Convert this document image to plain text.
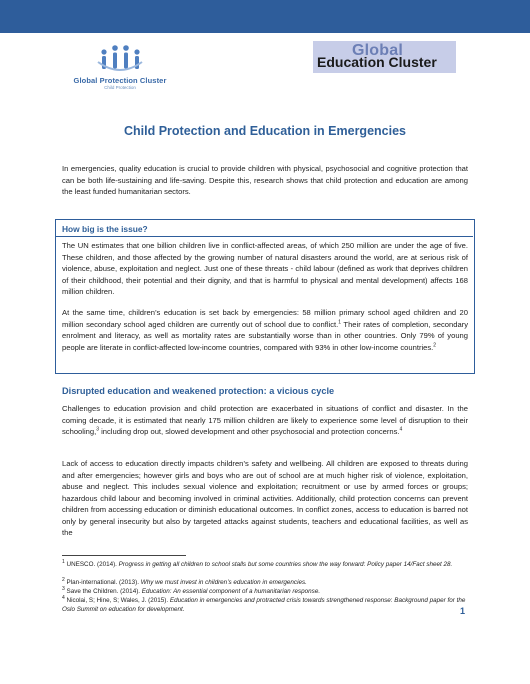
Global Protection Cluster
Child Protection
Global
Education Cluster
Child Protection and Education in Emergencies

In emergencies, quality education is crucial to provide children with physical, psychosocial and cognitive protection that can be both life-sustaining and life-saving. Despite this, research shows that child protection and education are among the least funded humanitarian sectors.

How big is the issue?

The UN estimates that one billion children live in conflict-affected areas, of which 250 million are under the age of five. These children, and those affected by the growing number of natural disasters around the world, are at serious risk of violence, abuse, exploitation and neglect. Just one of these threats - child labour (defined as work that deprives children of their childhood, their potential and their dignity, and that is harmful to physical and mental development) affects 168 million children.

At the same time, children’s education is set back by emergencies: 58 million primary school aged children and 20 million secondary school aged children are currently out of school due to conflict.$^1$ Their rates of completion, secondary enrolment and literacy, as well as mortality rates are substantially worse than in other countries. Only 79% of young people are literate in conflict-affected low-income countries, compared with 93% in other low-income countries.$^2$

Disrupted education and weakened protection: a vicious cycle

Challenges to education provision and child protection are exacerbated in situations of conflict and disaster. In the coming decade, it is estimated that nearly 175 million children are likely to experience some level of disruption to their schooling,$^3$ including drop out, slowed development and other psychosocial and protection concerns.$^4$

Lack of access to education directly impacts children’s safety and wellbeing. All children are exposed to threats during and after emergencies; however girls and boys who are out of school are at much higher risk of violence, exploitation, abuse and neglect. This includes sexual violence and exploitation; recruitment or use by armed forces or groups; hazardous child labour and becoming involved in criminal activities. Additionally, child protection concerns can prevent children from accessing education or diminish educational outcomes. In conflict zones, access to education is barred not only by general insecurity but also by targeted attacks against students, teachers and educational facilities, as well as the

$^1$ UNESCO. (2014). Progress in getting all children to school stalls but some countries show the way forward: Policy paper 14/Fact sheet 28.

$^2$ Plan-international. (2013). Why we must invest in children’s education in emergencies.

$^3$ Save the Children. (2014). Education: An essential component of a humanitarian response.

$^4$ Nicolai, S; Hine, S; Wales, J. (2015). Education in emergencies and protracted crisis towards strengthened response: Background paper for the Oslo Summit on education for development.	1
